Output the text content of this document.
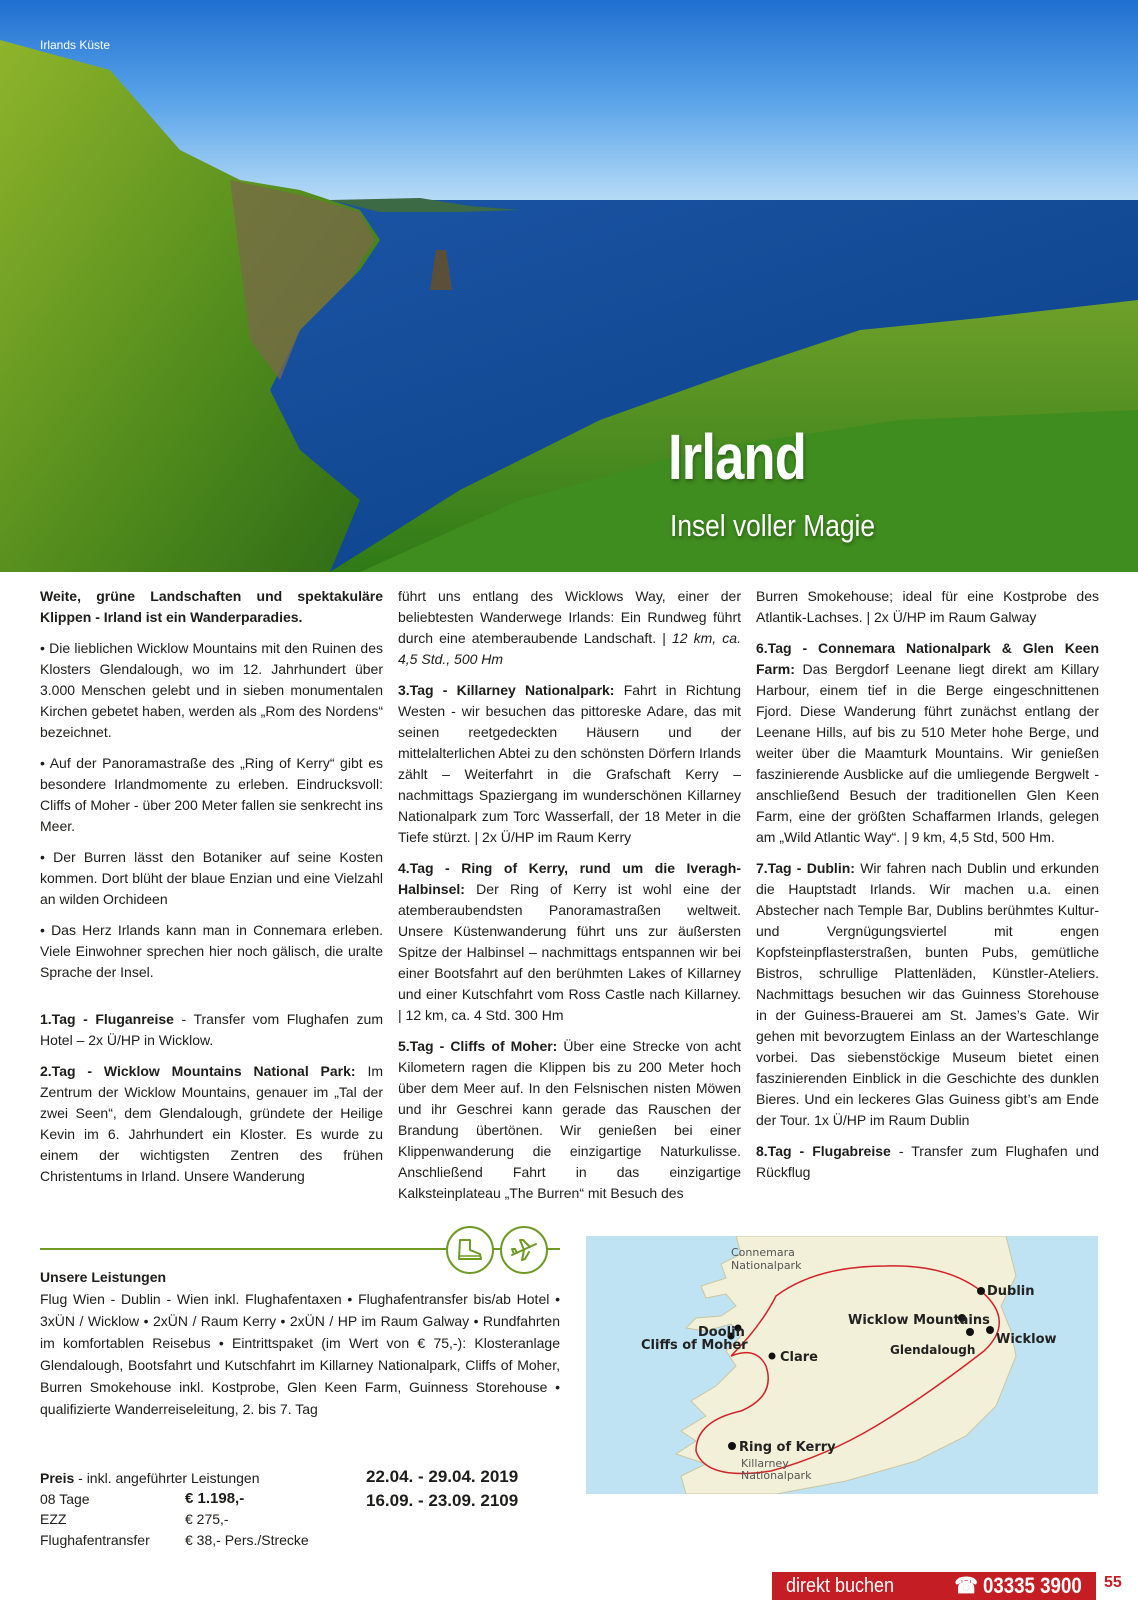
Irlands Küste
Irland
Insel voller Magie

Weite, grüne Landschaften und spektakuläre Klippen - Irland ist ein Wanderparadies.

• Die lieblichen Wicklow Mountains mit den Ruinen des Klosters Glendalough, wo im 12. Jahrhundert über 3.000 Menschen gelebt und in sieben monumentalen Kirchen gebetet haben, werden als „Rom des Nordens“ bezeichnet.

• Auf der Panoramastraße des „Ring of Kerry“ gibt es besondere Irlandmomente zu erleben. Eindrucksvoll: Cliffs of Moher - über 200 Meter fallen sie senkrecht ins Meer.

• Der Burren lässt den Botaniker auf seine Kosten kommen. Dort blüht der blaue Enzian und eine Vielzahl an wilden Orchideen

• Das Herz Irlands kann man in Connemara erleben. Viele Einwohner sprechen hier noch gälisch, die uralte Sprache der Insel.

1.Tag - Fluganreise - Transfer vom Flughafen zum Hotel – 2x Ü/HP in Wicklow.

2.Tag - Wicklow Mountains National Park: Im Zentrum der Wicklow Mountains, genauer im „Tal der zwei Seen“, dem Glendalough, gründete der Heilige Kevin im 6. Jahrhundert ein Kloster. Es wurde zu einem der wichtigsten Zentren des frühen Christentums in Irland. Unsere Wanderung

führt uns entlang des Wicklows Way, einer der beliebtesten Wanderwege Irlands: Ein Rundweg führt durch eine atemberaubende Landschaft. | 12 km, ca. 4,5 Std., 500 Hm

3.Tag - Killarney Nationalpark: Fahrt in Richtung Westen - wir besuchen das pittoreske Adare, das mit seinen reetgedeckten Häusern und der mittelalterlichen Abtei zu den schönsten Dörfern Irlands zählt – Weiterfahrt in die Grafschaft Kerry – nachmittags Spaziergang im wunderschönen Killarney Nationalpark zum Torc Wasserfall, der 18 Meter in die Tiefe stürzt. | 2x Ü/HP im Raum Kerry

4.Tag - Ring of Kerry, rund um die Iveragh-Halbinsel: Der Ring of Kerry ist wohl eine der atemberaubendsten Panoramastraßen weltweit. Unsere Küstenwanderung führt uns zur äußersten Spitze der Halbinsel – nachmittags entspannen wir bei einer Bootsfahrt auf den berühmten Lakes of Killarney und einer Kutschfahrt vom Ross Castle nach Killarney. | 12 km, ca. 4 Std. 300 Hm

5.Tag - Cliffs of Moher: Über eine Strecke von acht Kilometern ragen die Klippen bis zu 200 Meter hoch über dem Meer auf. In den Felsnischen nisten Möwen und ihr Geschrei kann gerade das Rauschen der Brandung übertönen. Wir genießen bei einer Klippenwanderung die einzigartige Naturkulisse. Anschließend Fahrt in das einzigartige Kalksteinplateau „The Burren“ mit Besuch des

Burren Smokehouse; ideal für eine Kostprobe des Atlantik-Lachses. | 2x Ü/HP im Raum Galway

6.Tag - Connemara Nationalpark & Glen Keen Farm: Das Bergdorf Leenane liegt direkt am Killary Harbour, einem tief in die Berge eingeschnittenen Fjord. Diese Wanderung führt zunächst entlang der Leenane Hills, auf bis zu 510 Meter hohe Berge, und weiter über die Maamturk Mountains. Wir genießen faszinierende Ausblicke auf die umliegende Bergwelt - anschließend Besuch der traditionellen Glen Keen Farm, eine der größten Schaffarmen Irlands, gelegen am „Wild Atlantic Way“. | 9 km, 4,5 Std, 500 Hm.

7.Tag - Dublin: Wir fahren nach Dublin und erkunden die Hauptstadt Irlands. Wir machen u.a. einen Abstecher nach Temple Bar, Dublins berühmtes Kultur- und Vergnügungsviertel mit engen Kopfsteinpflasterstraßen, bunten Pubs, gemütliche Bistros, schrullige Plattenläden, Künstler-Ateliers. Nachmittags besuchen wir das Guinness Storehouse in der Guiness-Brauerei am St. James’s Gate. Wir gehen mit bevorzugtem Einlass an der Warteschlange vorbei. Das siebenstöckige Museum bietet einen faszinierenden Einblick in die Geschichte des dunklen Bieres. Und ein leckeres Glas Guiness gibt’s am Ende der Tour. 1x Ü/HP im Raum Dublin

8.Tag - Flugabreise - Transfer zum Flughafen und Rückflug

Unsere Leistungen
Flug Wien - Dublin - Wien inkl. Flughafentaxen • Flughafentransfer bis/ab Hotel • 3xÜN / Wicklow • 2xÜN / Raum Kerry • 2xÜN / HP im Raum Galway • Rundfahrten im komfortablen Reisebus • Eintrittspaket (im Wert von € 75,-): Klosteranlage Glendalough, Bootsfahrt und Kutschfahrt im Killarney Nationalpark, Cliffs of Moher, Burren Smokehouse inkl. Kostprobe, Glen Keen Farm, Guinness Storehouse • qualifizierte Wanderreiseleitung, 2. bis 7. Tag
Preis - inkl. angeführter Leistungen
08 Tage	€ 1.198,-
EZZ	€ 275,-
Flughafentransfer	€ 38,- Pers./Strecke
22.04. - 29.04. 2019
16.09. - 23.09. 2109
Connemara
Nationalpark
Dublin
Wicklow Mountains
Wicklow
Glendalough
Doolin
Cliffs of Moher
Clare
Ring of Kerry
Killarney
Nationalpark
direkt buchen	☎ 03335 3900 55
